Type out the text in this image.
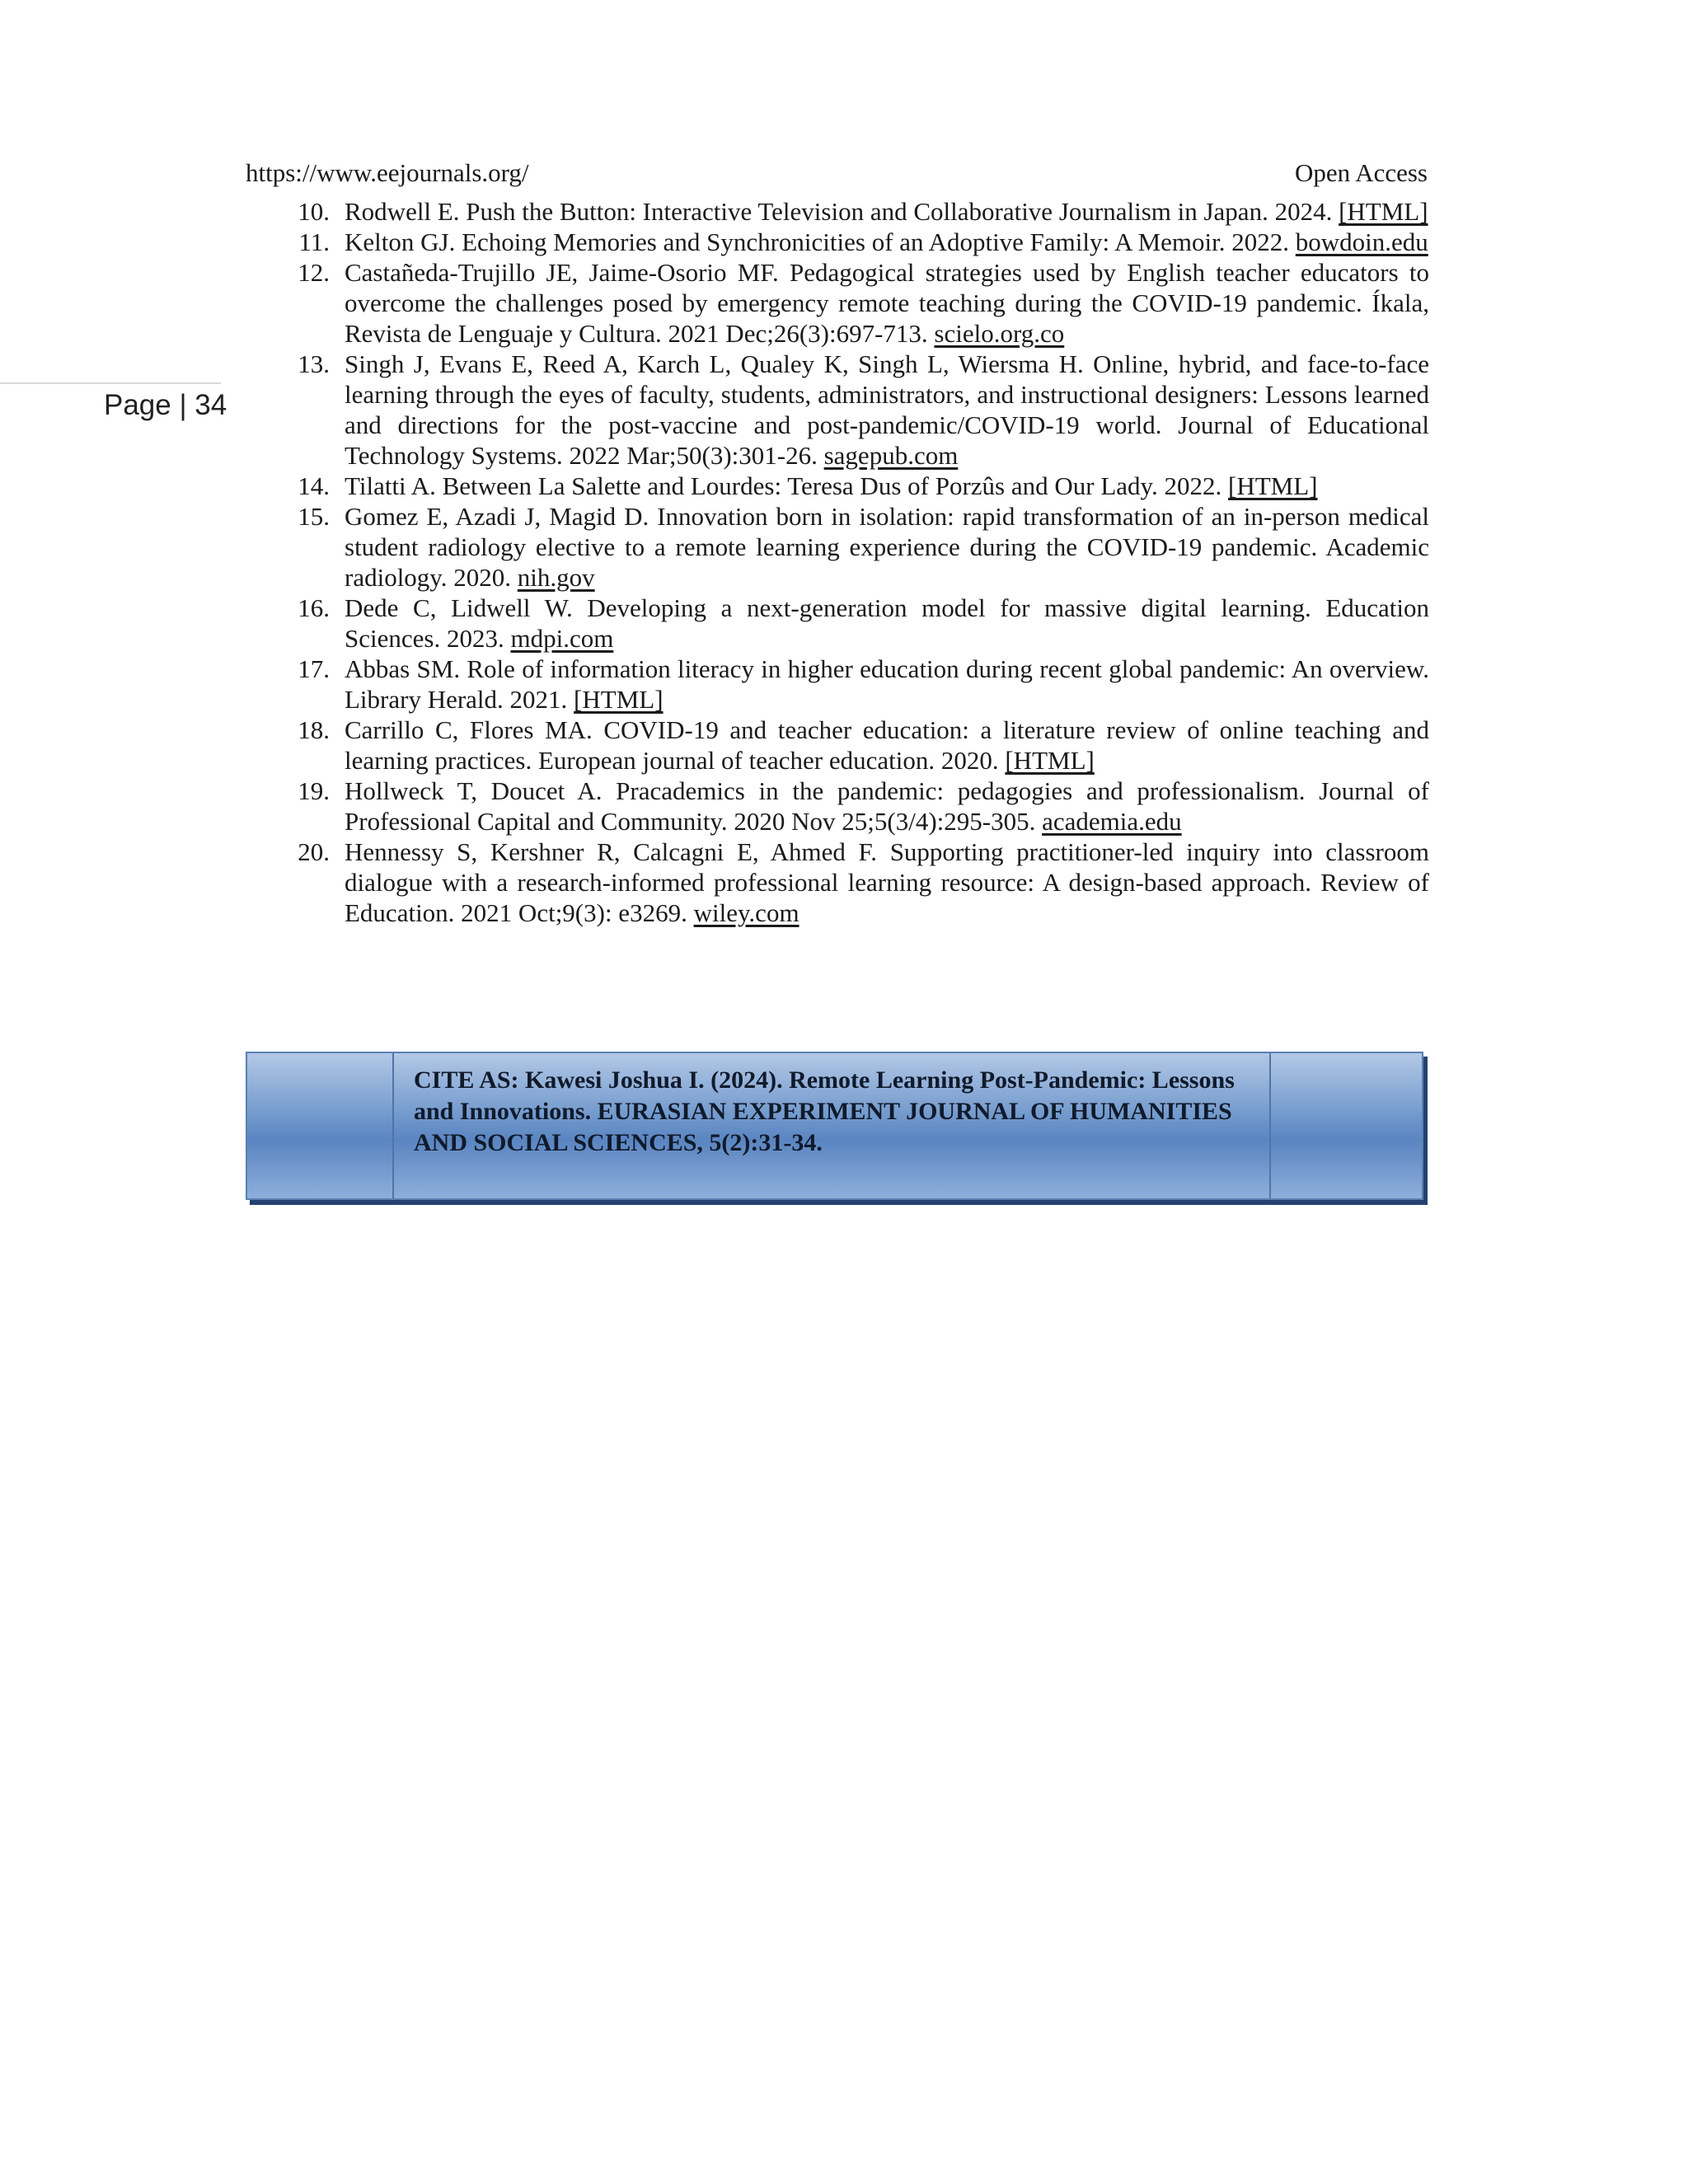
https://www.eejournals.org/	Open Access
Page | 34
10. Rodwell E. Push the Button: Interactive Television and Collaborative Journalism in Japan. 2024. [HTML]
11. Kelton GJ. Echoing Memories and Synchronicities of an Adoptive Family: A Memoir. 2022. bowdoin.edu
12. Castañeda-Trujillo JE, Jaime-Osorio MF. Pedagogical strategies used by English teacher educators to overcome the challenges posed by emergency remote teaching during the COVID-19 pandemic. Íkala, Revista de Lenguaje y Cultura. 2021 Dec;26(3):697-713. scielo.org.co
13. Singh J, Evans E, Reed A, Karch L, Qualey K, Singh L, Wiersma H. Online, hybrid, and face-to-face learning through the eyes of faculty, students, administrators, and instructional designers: Lessons learned and directions for the post-vaccine and post-pandemic/COVID-19 world. Journal of Educational Technology Systems. 2022 Mar;50(3):301-26. sagepub.com
14. Tilatti A. Between La Salette and Lourdes: Teresa Dus of Porzûs and Our Lady. 2022. [HTML]
15. Gomez E, Azadi J, Magid D. Innovation born in isolation: rapid transformation of an in-person medical student radiology elective to a remote learning experience during the COVID-19 pandemic. Academic radiology. 2020. nih.gov
16. Dede C, Lidwell W. Developing a next-generation model for massive digital learning. Education Sciences. 2023. mdpi.com
17. Abbas SM. Role of information literacy in higher education during recent global pandemic: An overview. Library Herald. 2021. [HTML]
18. Carrillo C, Flores MA. COVID-19 and teacher education: a literature review of online teaching and learning practices. European journal of teacher education. 2020. [HTML]
19. Hollweck T, Doucet A. Pracademics in the pandemic: pedagogies and professionalism. Journal of Professional Capital and Community. 2020 Nov 25;5(3/4):295-305. academia.edu
20. Hennessy S, Kershner R, Calcagni E, Ahmed F. Supporting practitioner-led inquiry into classroom dialogue with a research-informed professional learning resource: A design-based approach. Review of Education. 2021 Oct;9(3): e3269. wiley.com
CITE AS: Kawesi Joshua I. (2024). Remote Learning Post-Pandemic: Lessons and Innovations. EURASIAN EXPERIMENT JOURNAL OF HUMANITIES AND SOCIAL SCIENCES, 5(2):31-34.
